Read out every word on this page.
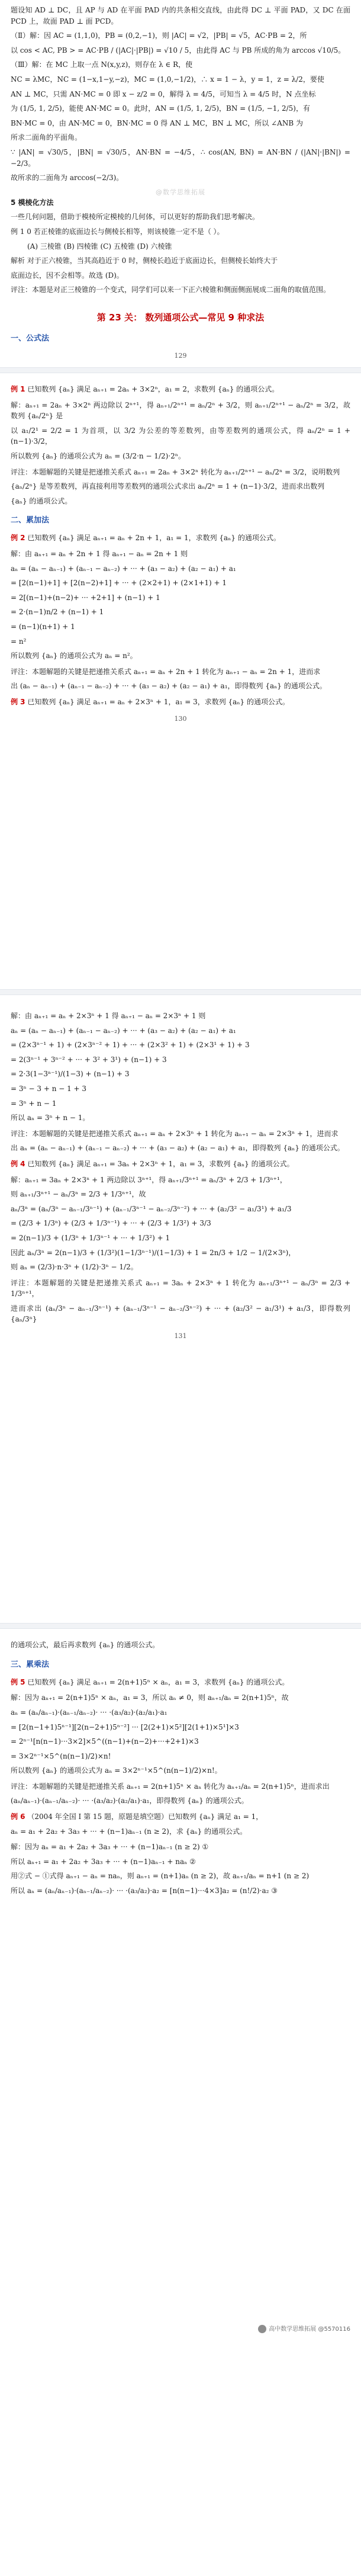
题设知 AD ⊥ DC，且 AP 与 AD 在平面 PAD 内的共条相交直线，由此得 DC ⊥ 平面 PAD，又 DC 在面 PCD 上，故面 PAD ⊥ 面 PCD。

（Ⅱ）解：因 AC = (1,1,0)，PB = (0,2,−1)，则 |AC| = √2，|PB| = √5，AC·PB = 2，所

以 cos < AC, PB > = AC·PB / (|AC|·|PB|) = √10 / 5，由此得 AC 与 PB 所成的角为 arccos √10/5。

（Ⅲ）解：在 MC 上取一点 N(x,y,z)，则存在 λ ∈ R，使

NC = λMC，NC = (1−x,1−y,−z)，MC = (1,0,−1/2)，∴ x = 1 − λ，y = 1，z = λ/2，要使

AN ⊥ MC，只需 AN·MC = 0 即 x − z/2 = 0，解得 λ = 4/5，可知当 λ = 4/5 时，N 点坐标

为 (1/5, 1, 2/5)，能使 AN·MC = 0。此时，AN = (1/5, 1, 2/5)，BN = (1/5, −1, 2/5)，有

BN·MC = 0，由 AN·MC = 0，BN·MC = 0 得 AN ⊥ MC，BN ⊥ MC，所以 ∠ANB 为

所求二面角的平面角。

∵ |AN| = √30/5，|BN| = √30/5，AN·BN = −4/5，∴ cos(AN, BN) = AN·BN / (|AN|·|BN|) = −2/3。

故所求的二面角为 arccos(−2/3)。

@数学思维拓展

5 模棱化方法

一些几何问题，借助于模棱所定模棱的几何体，可以更好的帮助我们思考解决。

例 1 0 若正棱锥的底面边长与侧棱长相等，则该棱锥一定不是（ ）。

(A) 三棱锥 (B) 四棱锥 (C) 五棱锥 (D) 六棱锥

解析 对于正六棱锥，当其高趋近于 0 时，侧棱长趋近于底面边长，但侧棱长始终大于

底面边长，因不会相等。故选 (D)。

评注：本题是对正三棱锥的一个变式，同学们可以来一下正六棱锥和侧面侧面展成二面角的取值范围。

第 23 关： 数列通项公式—常见 9 种求法
一、公式法
129

例 1 已知数列 {aₙ} 满足 aₙ₊₁ = 2aₙ + 3×2ⁿ，a₁ = 2，求数列 {aₙ} 的通项公式。

解：aₙ₊₁ = 2aₙ + 3×2ⁿ 两边除以 2ⁿ⁺¹，得 aₙ₊₁/2ⁿ⁺¹ = aₙ/2ⁿ + 3/2，则 aₙ₊₁/2ⁿ⁺¹ − aₙ/2ⁿ = 3/2，故数列 {aₙ/2ⁿ} 是

以 a₁/2¹ = 2/2 = 1 为首项，以 3/2 为公差的等差数列，由等差数列的通项公式，得 aₙ/2ⁿ = 1 + (n−1)·3/2，

所以数列 {aₙ} 的通项公式为 aₙ = (3/2·n − 1/2)·2ⁿ。

评注：本题解题的关键是把递推关系式 aₙ₊₁ = 2aₙ + 3×2ⁿ 转化为 aₙ₊₁/2ⁿ⁺¹ − aₙ/2ⁿ = 3/2，说明数列

{aₙ/2ⁿ} 是等差数列，再直接利用等差数列的通项公式求出 aₙ/2ⁿ = 1 + (n−1)·3/2，进而求出数列

{aₙ} 的通项公式。

二、累加法

例 2 已知数列 {aₙ} 满足 aₙ₊₁ = aₙ + 2n + 1，a₁ = 1，求数列 {aₙ} 的通项公式。

解：由 aₙ₊₁ = aₙ + 2n + 1 得 aₙ₊₁ − aₙ = 2n + 1 则

aₙ = (aₙ − aₙ₋₁) + (aₙ₋₁ − aₙ₋₂) + ··· + (a₃ − a₂) + (a₂ − a₁) + a₁

= [2(n−1)+1] + [2(n−2)+1] + ··· + (2×2+1) + (2×1+1) + 1

= 2[(n−1)+(n−2)+ ··· +2+1] + (n−1) + 1

= 2·(n−1)n/2 + (n−1) + 1

= (n−1)(n+1) + 1

= n²

所以数列 {aₙ} 的通项公式为 aₙ = n²。

评注：本题解题的关键是把递推关系式 aₙ₊₁ = aₙ + 2n + 1 转化为 aₙ₊₁ − aₙ = 2n + 1，进而求

出 (aₙ − aₙ₋₁) + (aₙ₋₁ − aₙ₋₂) + ··· + (a₃ − a₂) + (a₂ − a₁) + a₁，即得数列 {aₙ} 的通项公式。

例 3 已知数列 {aₙ} 满足 aₙ₊₁ = aₙ + 2×3ⁿ + 1，a₁ = 3，求数列 {aₙ} 的通项公式。

130

解：由 aₙ₊₁ = aₙ + 2×3ⁿ + 1 得 aₙ₊₁ − aₙ = 2×3ⁿ + 1 则

aₙ = (aₙ − aₙ₋₁) + (aₙ₋₁ − aₙ₋₂) + ··· + (a₃ − a₂) + (a₂ − a₁) + a₁

= (2×3ⁿ⁻¹ + 1) + (2×3ⁿ⁻² + 1) + ··· + (2×3² + 1) + (2×3¹ + 1) + 3

= 2(3ⁿ⁻¹ + 3ⁿ⁻² + ··· + 3² + 3¹) + (n−1) + 3

= 2·3(1−3ⁿ⁻¹)/(1−3) + (n−1) + 3

= 3ⁿ − 3 + n − 1 + 3

= 3ⁿ + n − 1

所以 aₙ = 3ⁿ + n − 1。

评注：本题解题的关键是把递推关系式 aₙ₊₁ = aₙ + 2×3ⁿ + 1 转化为 aₙ₊₁ − aₙ = 2×3ⁿ + 1，进而求

出 aₙ = (aₙ − aₙ₋₁) + (aₙ₋₁ − aₙ₋₂) + ··· + (a₃ − a₂) + (a₂ − a₁) + a₁，即得数列 {aₙ} 的通项公式。

例 4 已知数列 {aₙ} 满足 aₙ₊₁ = 3aₙ + 2×3ⁿ + 1，a₁ = 3，求数列 {aₙ} 的通项公式。

解：aₙ₊₁ = 3aₙ + 2×3ⁿ + 1 两边除以 3ⁿ⁺¹，得 aₙ₊₁/3ⁿ⁺¹ = aₙ/3ⁿ + 2/3 + 1/3ⁿ⁺¹，

则 aₙ₊₁/3ⁿ⁺¹ − aₙ/3ⁿ = 2/3 + 1/3ⁿ⁺¹，故

aₙ/3ⁿ = (aₙ/3ⁿ − aₙ₋₁/3ⁿ⁻¹) + (aₙ₋₁/3ⁿ⁻¹ − aₙ₋₂/3ⁿ⁻²) + ··· + (a₂/3² − a₁/3¹) + a₁/3

= (2/3 + 1/3ⁿ) + (2/3 + 1/3ⁿ⁻¹) + ··· + (2/3 + 1/3²) + 3/3

= 2(n−1)/3 + (1/3ⁿ + 1/3ⁿ⁻¹ + ··· + 1/3²) + 1

因此 aₙ/3ⁿ = 2(n−1)/3 + (1/3²)(1−1/3ⁿ⁻¹)/(1−1/3) + 1 = 2n/3 + 1/2 − 1/(2×3ⁿ)，

则 aₙ = (2/3)·n·3ⁿ + (1/2)·3ⁿ − 1/2。

评注：本题解题的关键是把递推关系式 aₙ₊₁ = 3aₙ + 2×3ⁿ + 1 转化为 aₙ₊₁/3ⁿ⁺¹ − aₙ/3ⁿ = 2/3 + 1/3ⁿ⁺¹，

进而求出 (aₙ/3ⁿ − aₙ₋₁/3ⁿ⁻¹) + (aₙ₋₁/3ⁿ⁻¹ − aₙ₋₂/3ⁿ⁻²) + ··· + (a₂/3² − a₁/3¹) + a₁/3，即得数列 {aₙ/3ⁿ}

131

的通项公式，最后再求数列 {aₙ} 的通项公式。

三、累乘法

例 5 已知数列 {aₙ} 满足 aₙ₊₁ = 2(n+1)5ⁿ × aₙ，a₁ = 3，求数列 {aₙ} 的通项公式。

解：因为 aₙ₊₁ = 2(n+1)5ⁿ × aₙ，a₁ = 3，所以 aₙ ≠ 0，则 aₙ₊₁/aₙ = 2(n+1)5ⁿ，故

aₙ = (aₙ/aₙ₋₁)·(aₙ₋₁/aₙ₋₂)· ··· ·(a₃/a₂)·(a₂/a₁)·a₁

= [2(n−1+1)5ⁿ⁻¹][2(n−2+1)5ⁿ⁻²] ··· [2(2+1)×5²][2(1+1)×5¹]×3

= 2ⁿ⁻¹[n(n−1)···3×2]×5^((n−1)+(n−2)+···+2+1)×3

= 3×2ⁿ⁻¹×5^(n(n−1)/2)×n!

所以数列 {aₙ} 的通项公式为 aₙ = 3×2ⁿ⁻¹×5^(n(n−1)/2)×n!。

评注：本题解题的关键是把递推关系 aₙ₊₁ = 2(n+1)5ⁿ × aₙ 转化为 aₙ₊₁/aₙ = 2(n+1)5ⁿ，进而求出

(aₙ/aₙ₋₁)·(aₙ₋₁/aₙ₋₂)· ··· ·(a₃/a₂)·(a₂/a₁)·a₁，即得数列 {aₙ} 的通项公式。

例 6 （2004 年全国 I 第 15 题，原题是填空题）已知数列 {aₙ} 满足 a₁ = 1，

aₙ = a₁ + 2a₂ + 3a₃ + ··· + (n−1)aₙ₋₁ (n ≥ 2)，求 {aₙ} 的通项公式。

解：因为 aₙ = a₁ + 2a₂ + 3a₃ + ··· + (n−1)aₙ₋₁ (n ≥ 2) ①

所以 aₙ₊₁ = a₁ + 2a₂ + 3a₃ + ··· + (n−1)aₙ₋₁ + naₙ ②

用②式 − ①式得 aₙ₊₁ − aₙ = naₙ，则 aₙ₊₁ = (n+1)aₙ (n ≥ 2)，故 aₙ₊₁/aₙ = n+1 (n ≥ 2)

所以 aₙ = (aₙ/aₙ₋₁)·(aₙ₋₁/aₙ₋₂)· ··· ·(a₃/a₂)·a₂ = [n(n−1)···4×3]a₂ = (n!/2)·a₂ ③

高中数学思维拓展 @5570116
